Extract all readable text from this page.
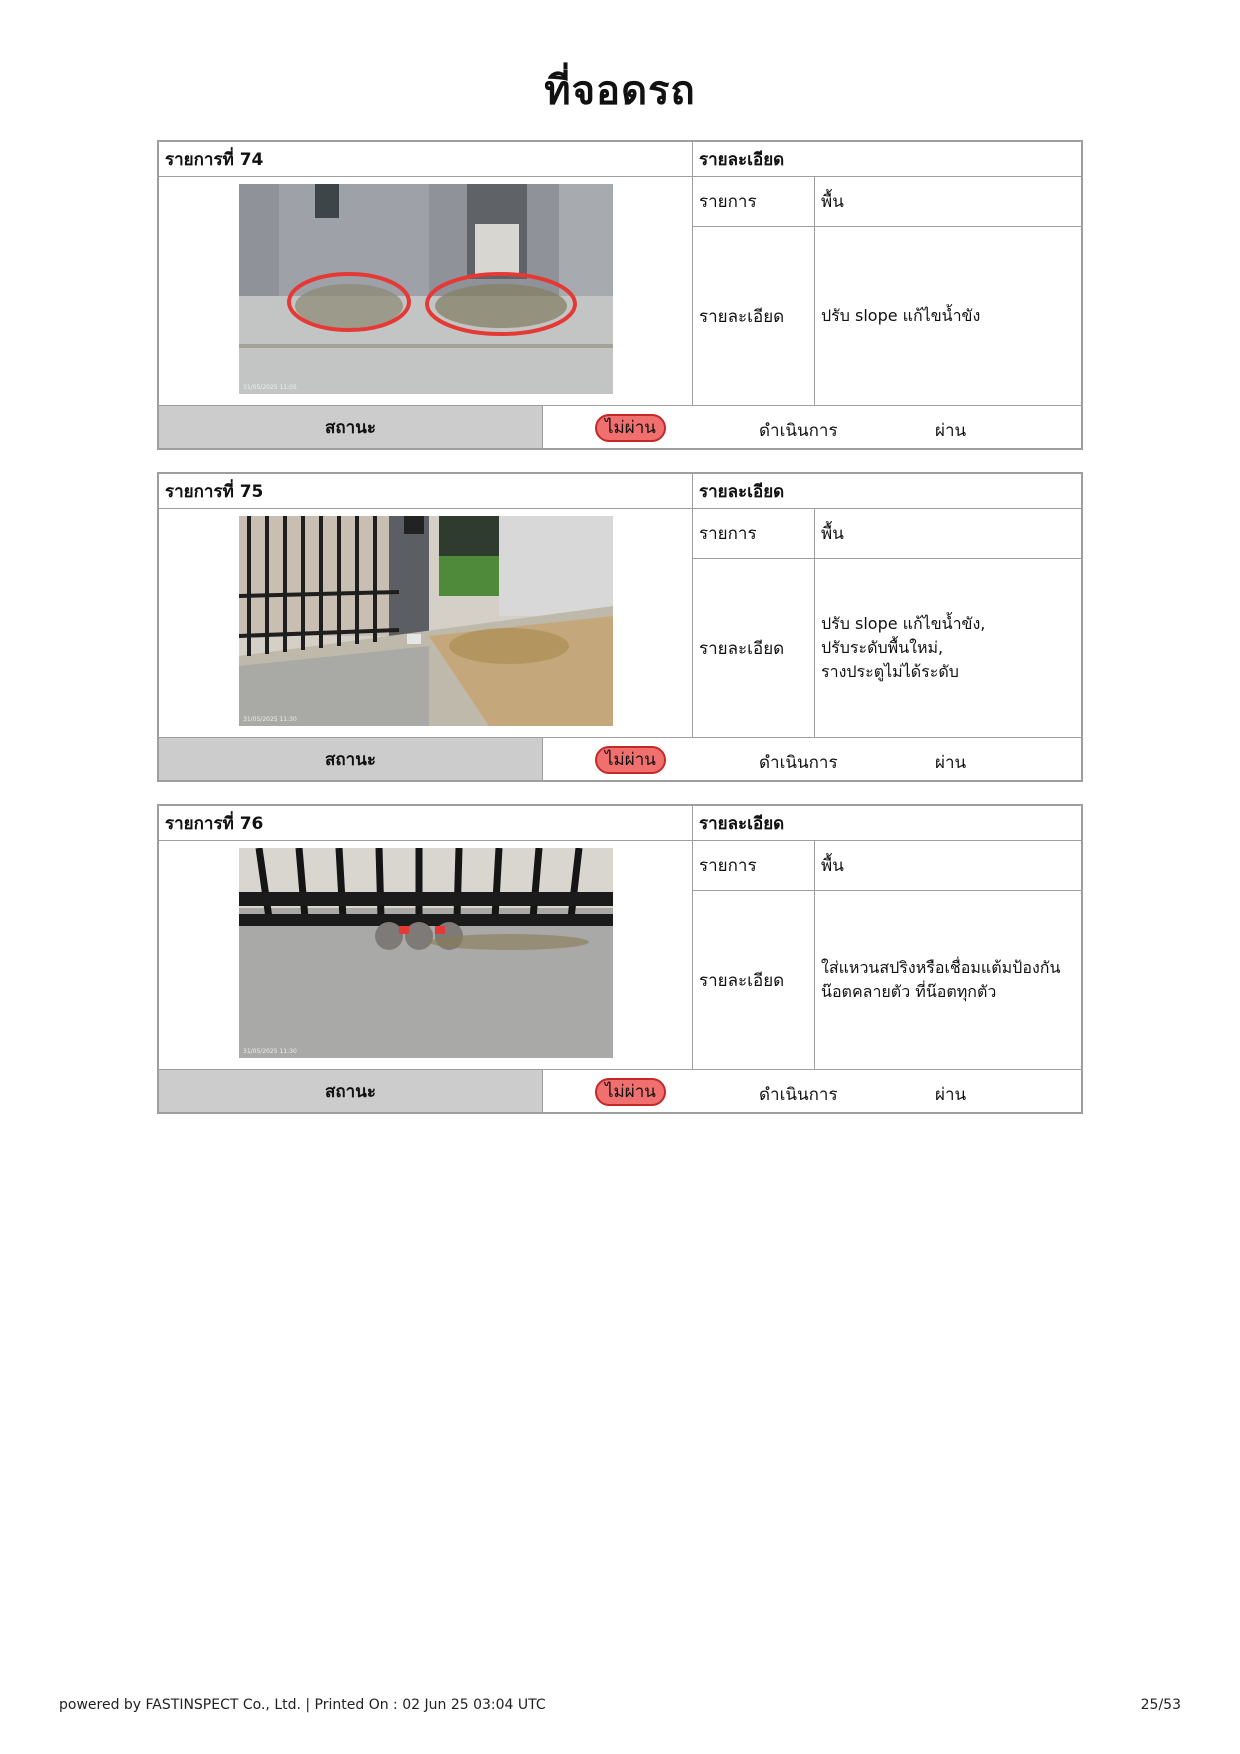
ที่จอดรถ
รายการที่ 74	รายละเอียด
31/05/2025 11:05
รายการ	พื้น
รายละเอียด	ปรับ slope แก้ไขน้ำขัง
สถานะ	ไม่ผ่าน	ดำเนินการ	ผ่าน
รายการที่ 75	รายละเอียด
31/05/2025 11:30
รายการ	พื้น
รายละเอียด
ปรับ slope แก้ไขน้ำขัง,
ปรับระดับพื้นใหม่,
รางประตูไม่ได้ระดับ
สถานะ	ไม่ผ่าน	ดำเนินการ	ผ่าน
รายการที่ 76	รายละเอียด
31/05/2025 11:30
รายการ	พื้น
รายละเอียด
ใส่แหวนสปริงหรือเชื่อมแต้มป้องกัน
น๊อตคลายตัว ที่น๊อตทุกตัว
สถานะ	ไม่ผ่าน	ดำเนินการ	ผ่าน
powered by FASTINSPECT Co., Ltd. | Printed On : 02 Jun 25 03:04 UTC	25/53
